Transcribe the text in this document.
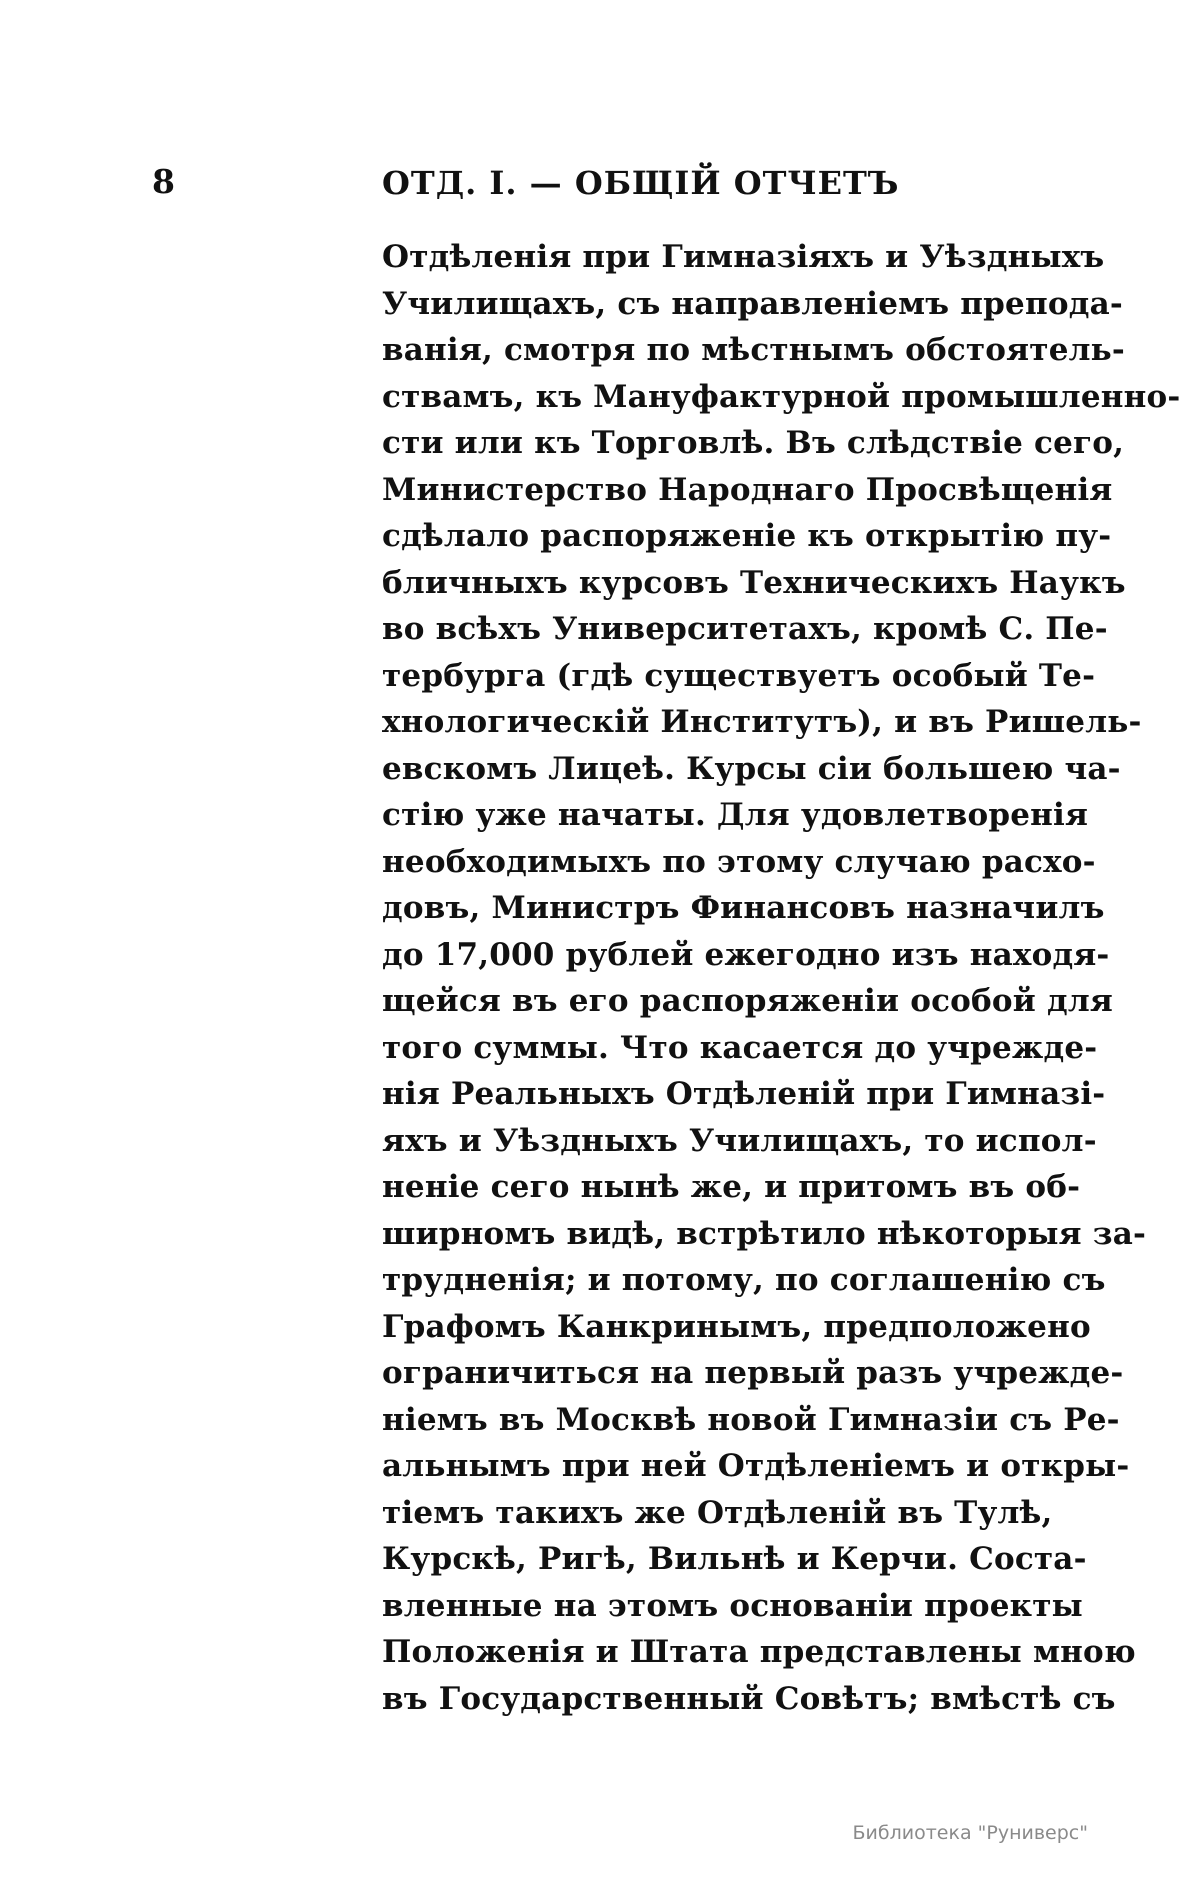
8	ОТД. I. — ОБЩІЙ ОТЧЕТЪ
Отдѣленія при Гимназіяхъ и Уѣздныхъ
Училищахъ, съ направленіемъ препода-
ванія, смотря по мѣстнымъ обстоятель-
ствамъ, къ Мануфактурной промышленно-
сти или къ Торговлѣ. Въ слѣдствіе сего,
Министерство Народнаго Просвѣщенія
сдѣлало распоряженіе къ открытію пу-
бличныхъ курсовъ Техническихъ Наукъ
во всѣхъ Университетахъ, кромѣ С. Пе-
тербурга (гдѣ существуетъ особый Те-
хнологическій Институтъ), и въ Ришель-
евскомъ Лицеѣ. Курсы сіи большею ча-
стію уже начаты. Для удовлетворенія
необходимыхъ по этому случаю расхо-
довъ, Министръ Финансовъ назначилъ
до 17,000 рублей ежегодно изъ находя-
щейся въ его распоряженіи особой для
того суммы. Что касается до учрежде-
нія Реальныхъ Отдѣленій при Гимназі-
яхъ и Уѣздныхъ Училищахъ, то испол-
неніе сего нынѣ же, и притомъ въ об-
ширномъ видѣ, встрѣтило нѣкоторыя за-
трудненія; и потому, по соглашенію съ
Графомъ Канкринымъ, предположено
ограничиться на первый разъ учрежде-
ніемъ въ Москвѣ новой Гимназіи съ Ре-
альнымъ при ней Отдѣленіемъ и откры-
тіемъ такихъ же Отдѣленій въ Тулѣ,
Курскѣ, Ригѣ, Вильнѣ и Керчи. Соста-
вленные на этомъ основаніи проекты
Положенія и Штата представлены мною
въ Государственный Совѣтъ; вмѣстѣ съ
Библиотека "Руниверс"
